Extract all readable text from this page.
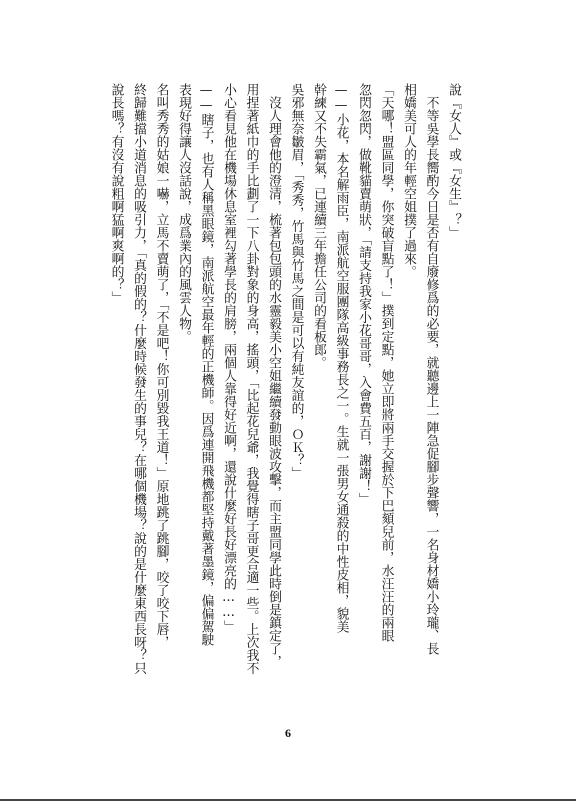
說『女人』或『女生』？」
　不等吳學長嚮酌今日是否有自廢修爲的必要，就聽邊上一陣急促腳步聲響，一名身材嬌小玲瓏、長
相嬌美可人的年輕空姐撲了過來。
「天哪！盟區同學，你突破盲點了！」撲到定點，她立即將兩手交握於下巴頦兒前，水汪汪的兩眼
忽閃忽閃，做靴貓賣萌狀，「請支持我家小花哥哥，入會費五百，謝謝！」
——小花，本名解雨臣，南派航空服團隊高級事務長之一。生就一張男女通殺的中性皮相，貌美
幹練又不失霸氣，已連續三年擔任公司的看板郎。
吳邪無奈皺眉，「秀秀，竹馬與竹馬之間是可以有純友誼的，ＯＫ？」
　沒人理會他的澄清，梳著包包頭的水靈毅美小空姐繼續發動眼波攻擊，而主盟同學此時倒是鎮定了，
用捏著紙巾的手比劃了一下八卦對象的身高，搖頭，「比起花兒爺，我覺得瞎子哥更合適一些。上次我不
小心看見他在機場休息室裡勾著學長的肩膀，兩個人靠得好近啊，還說什麼好長好漂亮的……」
——瞎子，也有人稱黑眼鏡，南派航空最年輕的正機師。因爲連開飛機都堅持戴著墨鏡，偏偏駕駛
表現好得讓人沒話說，成爲業內的風雲人物。
名叫秀秀的姑娘一嚇，立馬不賣萌了，「不是吧！你可別毀我王道！」原地跳了跳腳，咬了咬下唇，
終歸難擋小道消息的吸引力，「真的假的？什麼時候發生的事兒？在哪個機場？說的是什麼東西長呀？只
說長嗎？有沒有說粗啊猛啊爽啊的？」
6
